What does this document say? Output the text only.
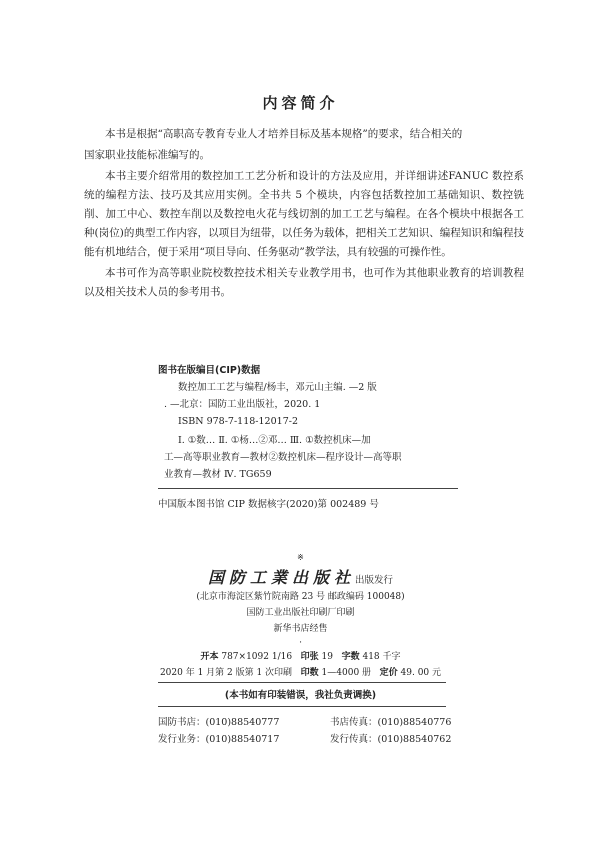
内容简介

本书是根据“高职高专教育专业人才培养目标及基本规格”的要求，结合相关的

国家职业技能标准编写的。

本书主要介绍常用的数控加工工艺分析和设计的方法及应用，并详细讲述FANUC 数控系统的编程方法、技巧及其应用实例。全书共 5 个模块，内容包括数控加工基础知识、数控铣削、加工中心、数控车削以及数控电火花与线切割的加工工艺与编程。在各个模块中根据各工种(岗位)的典型工作内容，以项目为纽带，以任务为载体，把相关工艺知识、编程知识和编程技能有机地结合，便于采用“项目导向、任务驱动”教学法，具有较强的可操作性。

本书可作为高等职业院校数控技术相关专业教学用书，也可作为其他职业教育的培训教程以及相关技术人员的参考用书。

图书在版编目(CIP)数据
数控加工工艺与编程/杨丰，邓元山主编. —2 版
. —北京：国防工业出版社，2020. 1
ISBN 978-7-118-12017-2
Ⅰ. ①数… Ⅱ. ①杨…②邓… Ⅲ. ①数控机床—加
工—高等职业教育—教材②数控机床—程序设计—高等职
业教育—教材 Ⅳ. TG659
中国版本图书馆 CIP 数据核字(2020)第 002489 号
※
国防工業出版社出版发行
(北京市海淀区紫竹院南路 23 号 邮政编码 100048)
国防工业出版社印刷厂印刷
新华书店经售
·
开本 787×1092 1/16 印张 19 字数 418 千字
2020 年 1 月第 2 版第 1 次印刷 印数 1—4000 册 定价 49. 00 元
(本书如有印装错误，我社负责调换)
国防书店：(010)88540777	书店传真：(010)88540776
发行业务：(010)88540717	发行传真：(010)88540762
